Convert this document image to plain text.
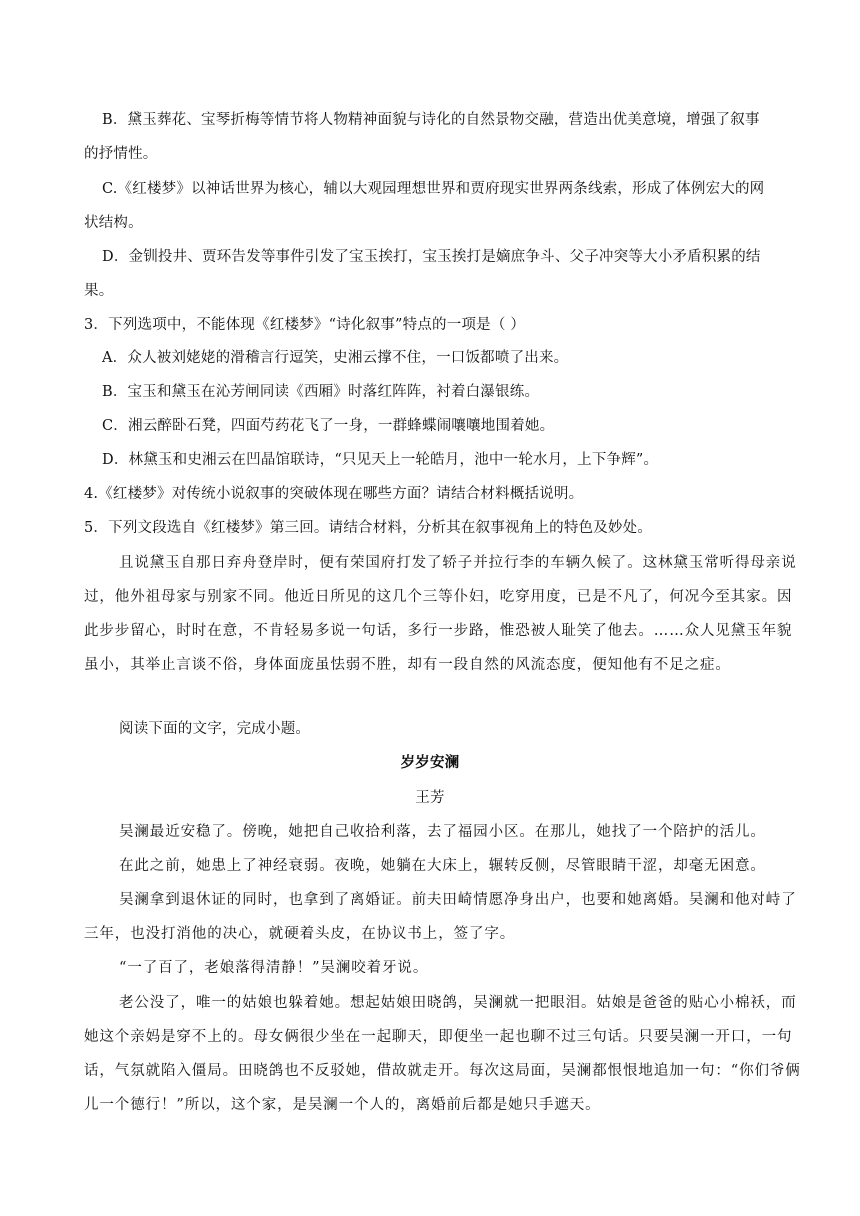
B．黛玉葬花、宝琴折梅等情节将人物精神面貌与诗化的自然景物交融，营造出优美意境，增强了叙事
的抒情性。
C.《红楼梦》以神话世界为核心，辅以大观园理想世界和贾府现实世界两条线索，形成了体例宏大的网
状结构。
D．金钏投井、贾环告发等事件引发了宝玉挨打，宝玉挨打是嫡庶争斗、父子冲突等大小矛盾积累的结
果。
3．下列选项中，不能体现《红楼梦》“诗化叙事”特点的一项是（ ）
A．众人被刘姥姥的滑稽言行逗笑，史湘云撑不住，一口饭都喷了出来。
B．宝玉和黛玉在沁芳闸同读《西厢》时落红阵阵，衬着白瀑银练。
C．湘云醉卧石凳，四面芍药花飞了一身，一群蜂蝶闹嚷嚷地围着她。
D．林黛玉和史湘云在凹晶馆联诗，“只见天上一轮皓月，池中一轮水月，上下争辉”。
4.《红楼梦》对传统小说叙事的突破体现在哪些方面？请结合材料概括说明。
5．下列文段选自《红楼梦》第三回。请结合材料，分析其在叙事视角上的特色及妙处。
且说黛玉自那日弃舟登岸时，便有荣国府打发了轿子并拉行李的车辆久候了。这林黛玉常听得母亲说
过，他外祖母家与别家不同。他近日所见的这几个三等仆妇，吃穿用度，已是不凡了，何况今至其家。因
此步步留心，时时在意，不肯轻易多说一句话，多行一步路，惟恐被人耻笑了他去。……众人见黛玉年貌
虽小，其举止言谈不俗，身体面庞虽怯弱不胜，却有一段自然的风流态度，便知他有不足之症。
阅读下面的文字，完成小题。
岁岁安澜
王芳
吴澜最近安稳了。傍晚，她把自己收拾利落，去了福园小区。在那儿，她找了一个陪护的活儿。
在此之前，她患上了神经衰弱。夜晚，她躺在大床上，辗转反侧，尽管眼睛干涩，却毫无困意。
吴澜拿到退休证的同时，也拿到了离婚证。前夫田崎情愿净身出户，也要和她离婚。吴澜和他对峙了
三年，也没打消他的决心，就硬着头皮，在协议书上，签了字。
“一了百了，老娘落得清静！”吴澜咬着牙说。
老公没了，唯一的姑娘也躲着她。想起姑娘田晓鸽，吴澜就一把眼泪。姑娘是爸爸的贴心小棉袄，而
她这个亲妈是穿不上的。母女俩很少坐在一起聊天，即便坐一起也聊不过三句话。只要吴澜一开口，一句
话，气氛就陷入僵局。田晓鸽也不反驳她，借故就走开。每次这局面，吴澜都恨恨地追加一句：“你们爷俩
儿一个德行！”所以，这个家，是吴澜一个人的，离婚前后都是她只手遮天。
